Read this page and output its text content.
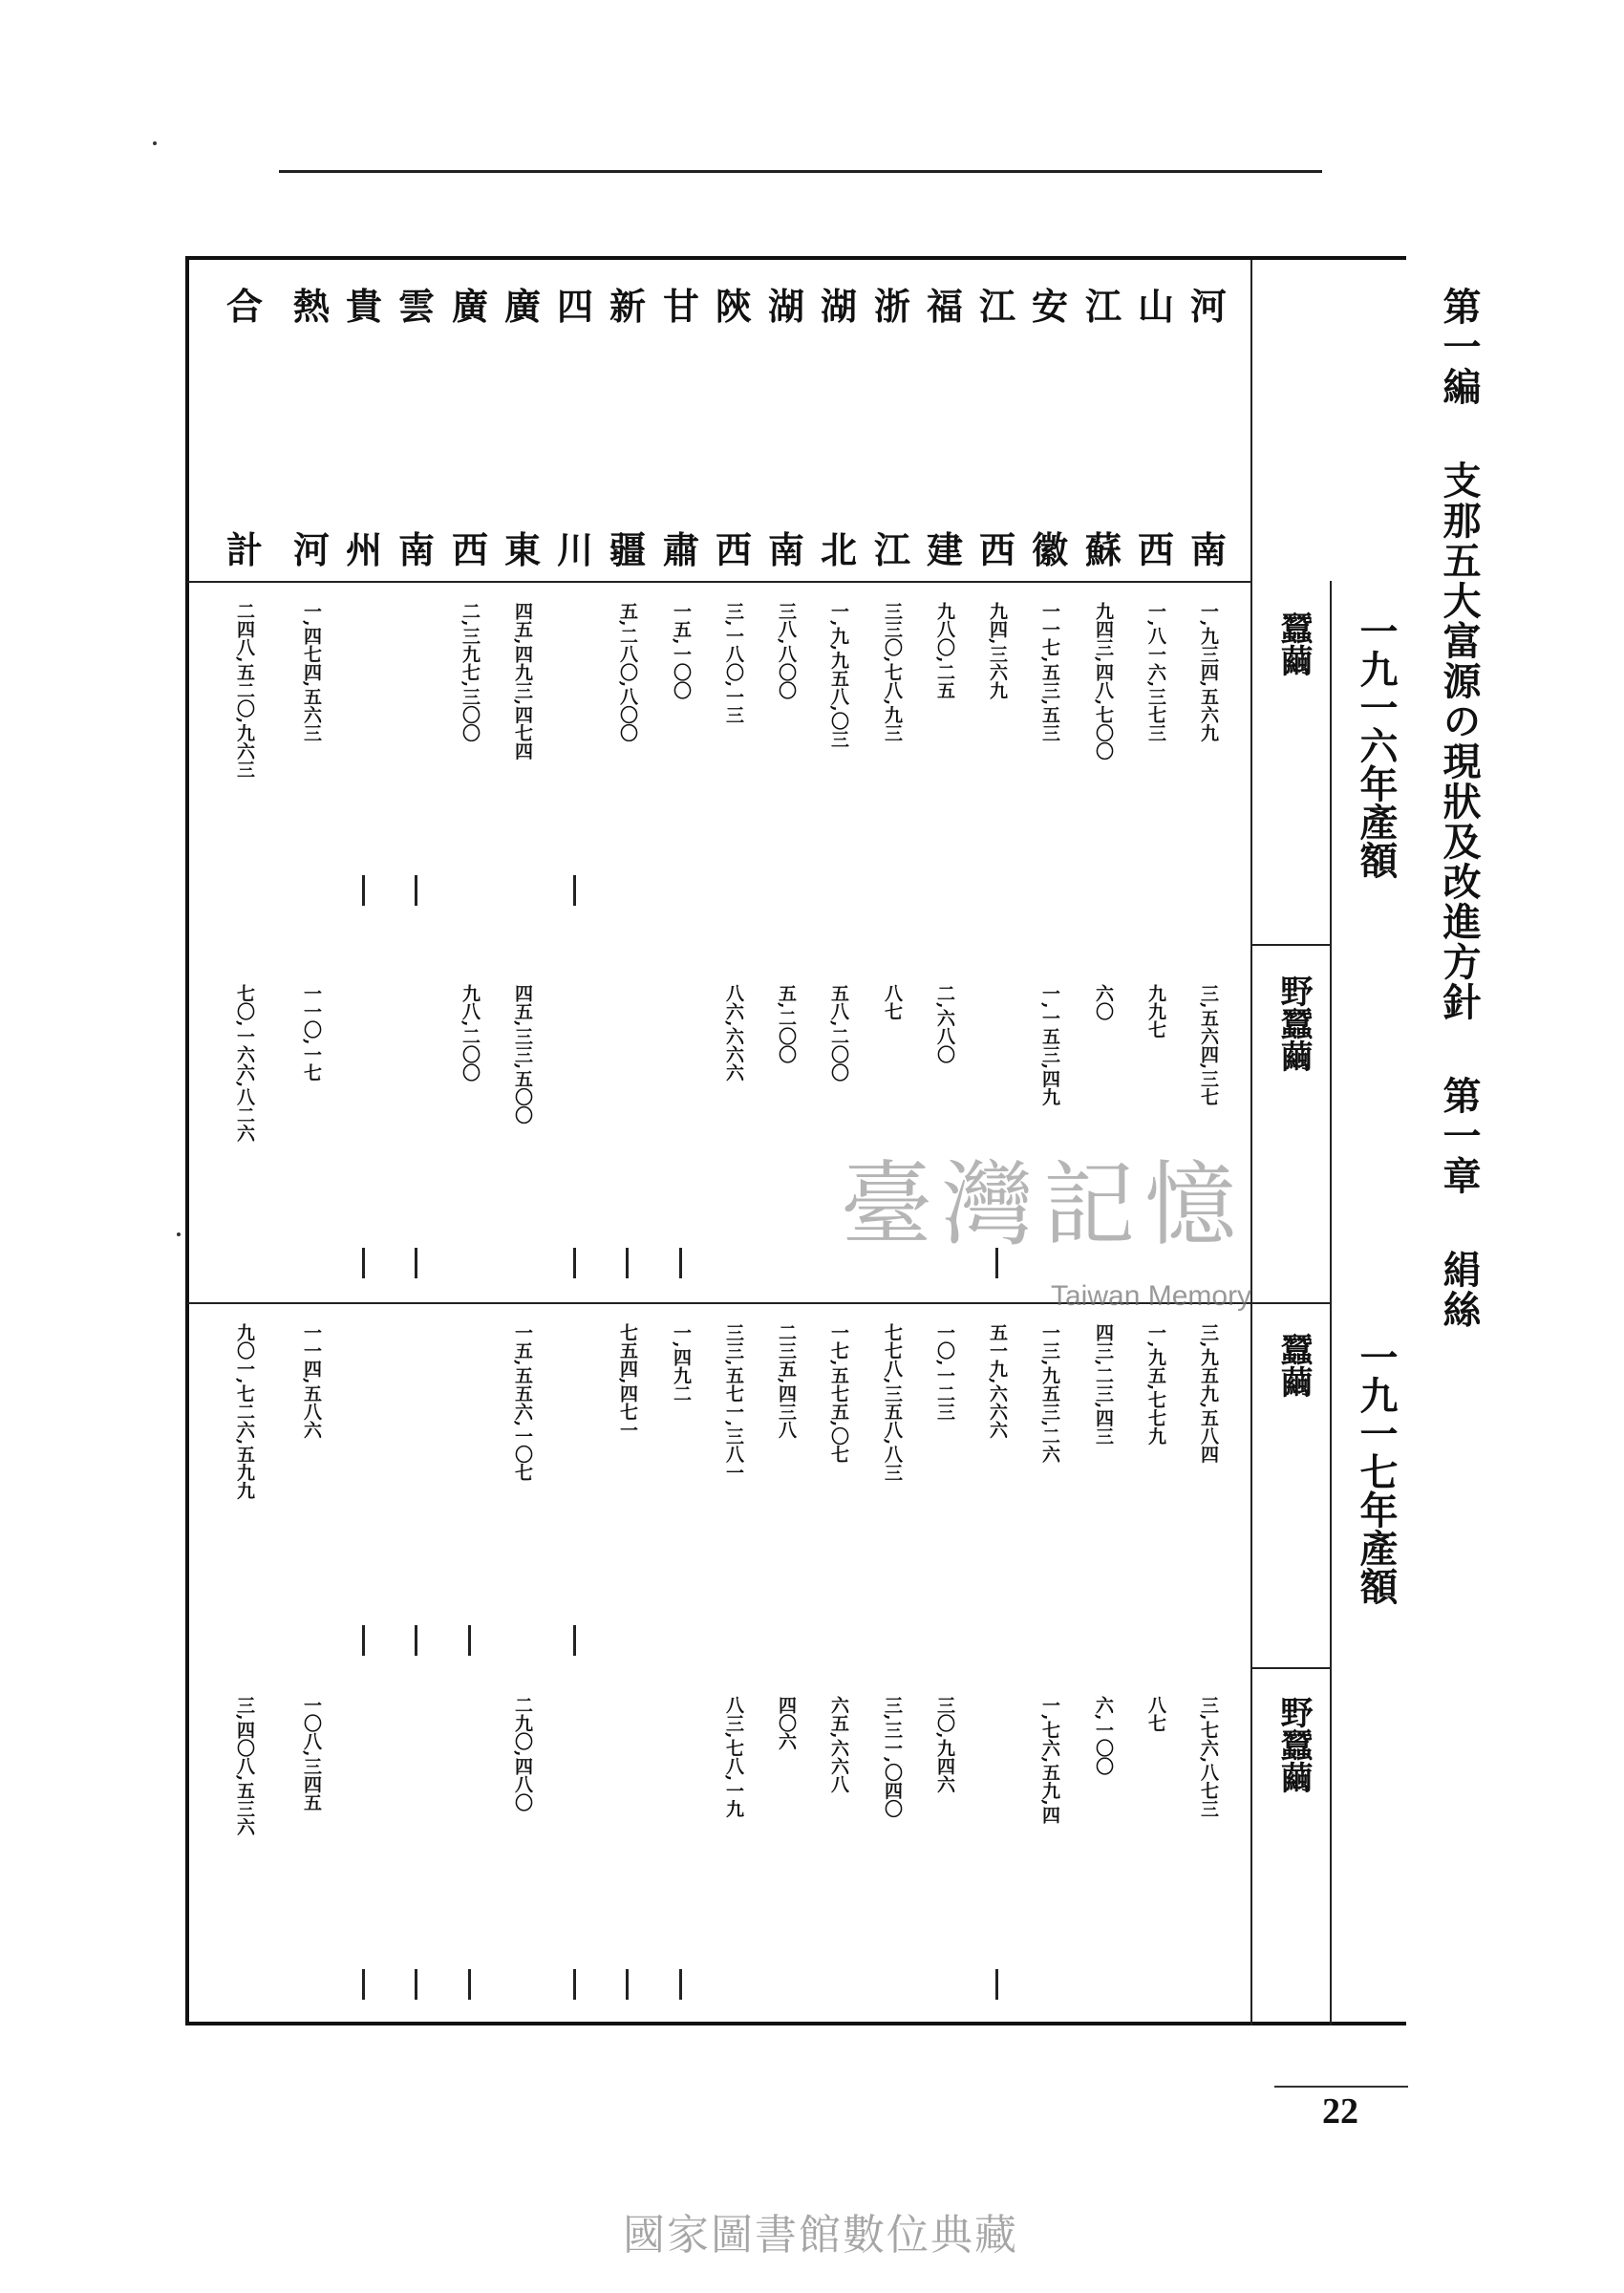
第一編 支那五大富源の現狀及改進方針 第一章 絹絲
一九一六年產額
一九一七年產額
蠶繭
野蠶繭
蠶繭
野蠶繭
河
南
一,九三四,五六九
三,五六四,三七
三,九五九,五八四
三,七六,八七三
山
西
一,八一六,三七三
九九七
一,九五,七七九
八七
江
蘇
九四三,四八,七〇〇
六〇
四三,二三,四三
六,一〇〇
安
徽
一一七,五三,五三
一,一五三,四九
一三,九五三,二六
一,七六,五九,四
江
西
九四,三六九
五一九,六六六
福
建
九八〇,二五
二,六八〇
一〇,一二三
三〇,九四六
浙
江
三三〇,七八,九三
八七
七七八,三五八,八三
三,三一,〇四〇
湖
北
一,九,九五八,〇三
五八,二〇〇
一七,五七五,〇七
六五,六六八
湖
南
三八,八〇〇
五,二〇〇
二三五,四三八
四〇六
陝
西
三,一八〇,一三
八六,六六六
三三,五七一,三八一
八三,七八,一九
甘
肅
一五,一〇〇
一,四九二
新
疆
五,二八〇,八〇〇
七五四,四七一
四
川
廣
東
四五,四九三,四七四
四五,三三,五〇〇
一五,五五六,一〇七
二九〇,四八〇
廣
西
二,三九七,三〇〇
九八,二〇〇
雲
南
貴
州
熱
河
一,四七四,五六三
一一〇,一七
一一四,五八六
一〇八,三四五
合
計
二四八,五二〇,九六三
七〇,一六六,八二六
九〇一,七二六,五九九
三,四〇八,五三六
臺灣記憶
Taiwan Memory
22
國家圖書館數位典藏
